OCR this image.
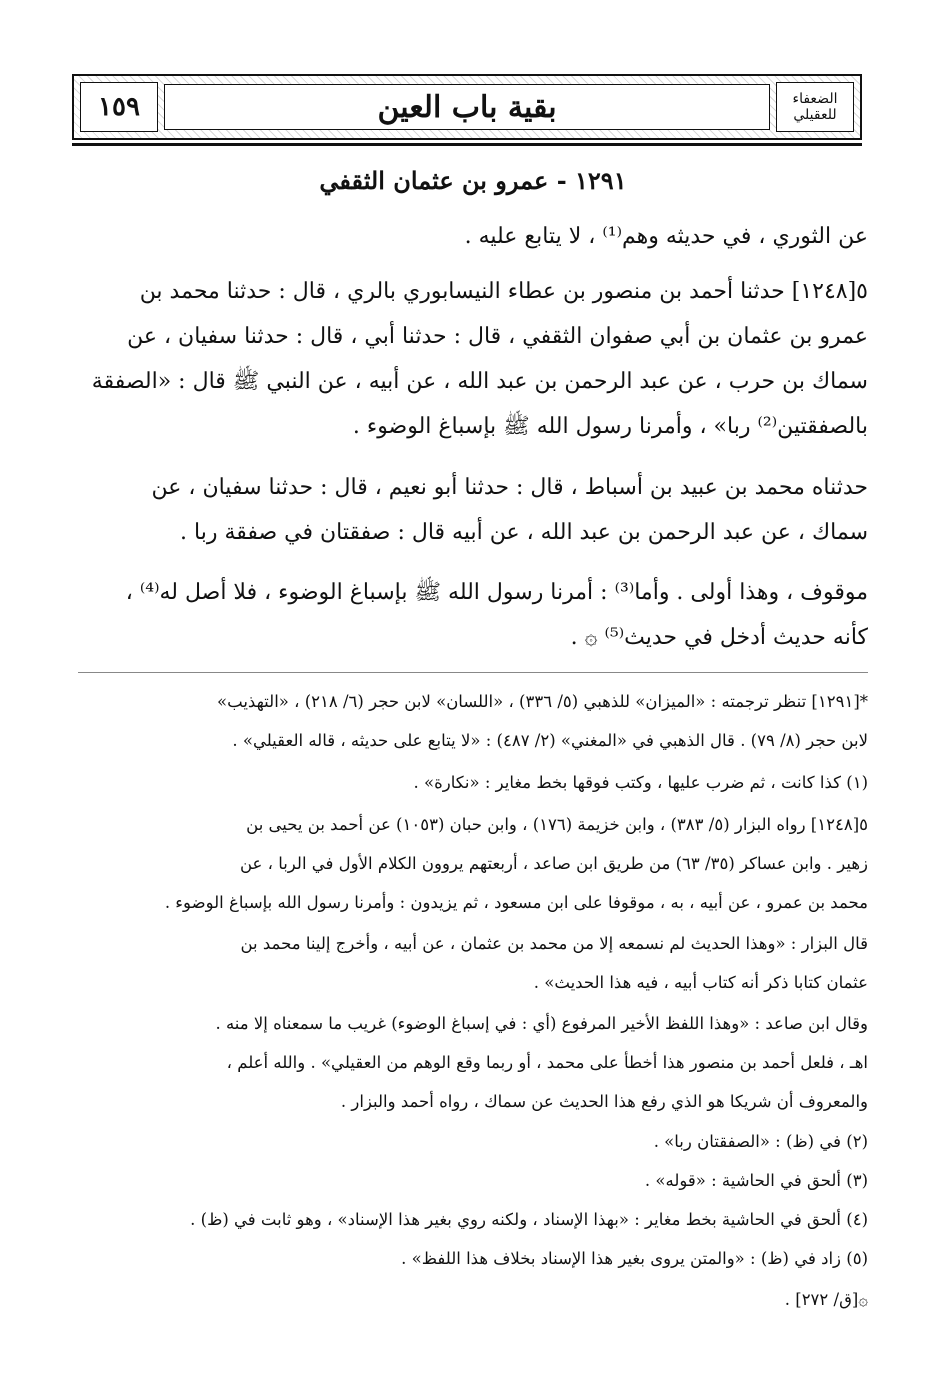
١٥٩	بقية باب العين	الضعفاء للعقيلي
١٢٩١ - عمرو بن عثمان الثقفي
عن الثوري ، في حديثه وهم⁽¹⁾ ، لا يتابع عليه .
٥[١٢٤٨] حدثنا أحمد بن منصور بن عطاء النيسابوري بالري ، قال : حدثنا محمد بن
عمرو بن عثمان بن أبي صفوان الثقفي ، قال : حدثنا أبي ، قال : حدثنا سفيان ، عن
سماك بن حرب ، عن عبد الرحمن بن عبد الله ، عن أبيه ، عن النبي ﷺ قال : «الصفقة
بالصفقتين⁽²⁾ ربا» ، وأمرنا رسول الله ﷺ بإسباغ الوضوء .
حدثناه محمد بن عبيد بن أسباط ، قال : حدثنا أبو نعيم ، قال : حدثنا سفيان ، عن
سماك ، عن عبد الرحمن بن عبد الله ، عن أبيه قال : صفقتان في صفقة ربا .
موقوف ، وهذا أولى . وأما⁽³⁾ : أمرنا رسول الله ﷺ بإسباغ الوضوء ، فلا أصل له⁽⁴⁾ ،
كأنه حديث أدخل في حديث⁽⁵⁾ ۞ .
*[١٢٩١] تنظر ترجمته : «الميزان» للذهبي (٥/ ٣٣٦) ، «اللسان» لابن حجر (٦/ ٢١٨) ، «التهذيب»
لابن حجر (٨/ ٧٩) . قال الذهبي في «المغني» (٢/ ٤٨٧) : «لا يتابع على حديثه ، قاله العقيلي» .
(١) كذا كانت ، ثم ضرب عليها ، وكتب فوقها بخط مغاير : «نكارة» .
٥[١٢٤٨] رواه البزار (٥/ ٣٨٣) ، وابن خزيمة (١٧٦) ، وابن حبان (١٠٥٣) عن أحمد بن يحيى بن
زهير . وابن عساكر (٣٥/ ٦٣) من طريق ابن صاعد ، أربعتهم يروون الكلام الأول في الربا ، عن
محمد بن عمرو ، عن أبيه ، به ، موقوفا على ابن مسعود ، ثم يزيدون : وأمرنا رسول الله بإسباغ الوضوء .
قال البزار : «وهذا الحديث لم نسمعه إلا من محمد بن عثمان ، عن أبيه ، وأخرج إلينا محمد بن
عثمان كتابا ذكر أنه كتاب أبيه ، فيه هذا الحديث» .
وقال ابن صاعد : «وهذا اللفظ الأخير المرفوع (أي : في إسباغ الوضوء) غريب ما سمعناه إلا منه .
اهـ ، فلعل أحمد بن منصور هذا أخطأ على محمد ، أو ربما وقع الوهم من العقيلي» . والله أعلم ،
والمعروف أن شريكا هو الذي رفع هذا الحديث عن سماك ، رواه أحمد والبزار .
(٢) في (ظ) : «الصفقتان ربا» .
(٣) ألحق في الحاشية : «قوله» .
(٤) ألحق في الحاشية بخط مغاير : «بهذا الإسناد ، ولكنه روي بغير هذا الإسناد» ، وهو ثابت في (ظ) .
(٥) زاد في (ظ) : «والمتن يروى بغير هذا الإسناد بخلاف هذا اللفظ» .
۞[ق/ ٢٧٢] .
